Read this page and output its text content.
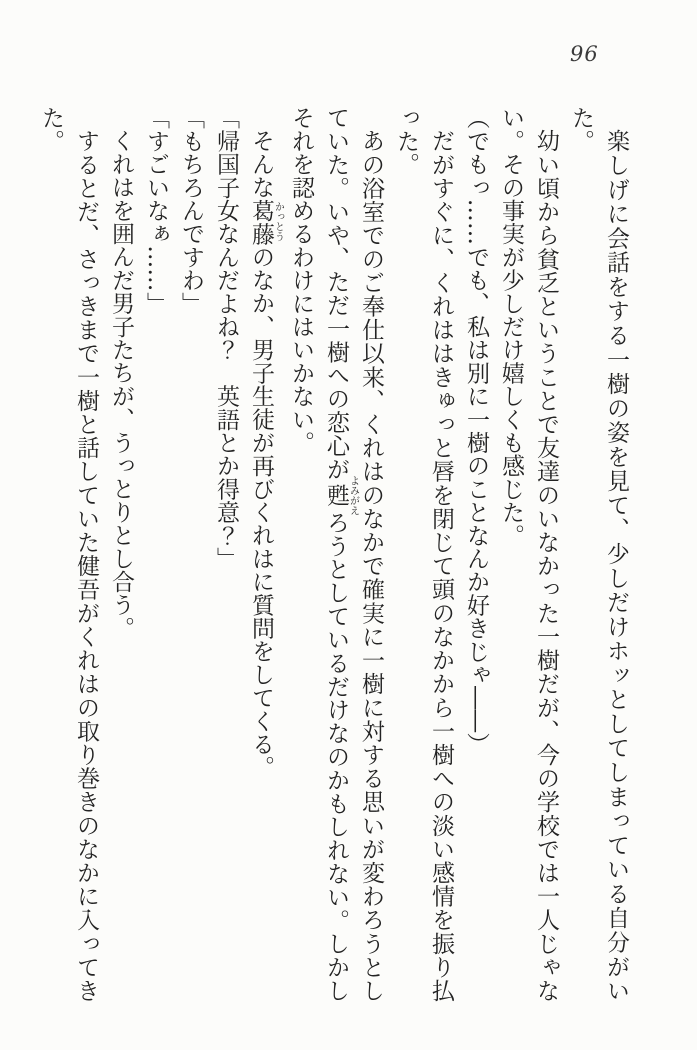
96

楽しげに会話をする一樹の姿を見て、少しだけホッとしてしまっている自分がいた。

幼い頃から貧乏ということで友達のいなかった一樹だが、今の学校では一人じゃない。その事実が少しだけ嬉しくも感じた。

（でもっ……でも、私は別に一樹のことなんか好きじゃ――）

だがすぐに、くれははきゅっと唇を閉じて頭のなかから一樹への淡い感情を振り払った。

あの浴室でのご奉仕以来、くれはのなかで確実に一樹に対する思いが変わろうとしていた。いや、ただ一樹への恋心が甦よみがえろうとしているだけなのかもしれない。しかしそれを認めるわけにはいかない。

そんな葛藤かっとうのなか、男子生徒が再びくれはに質問をしてくる。

「帰国子女なんだよね？　英語とか得意？」

「もちろんですわ」

「すごいなぁ……」

くれはを囲んだ男子たちが、うっとりとし合う。

するとだ、さっきまで一樹と話していた健吾がくれはの取り巻きのなかに入ってきた。
